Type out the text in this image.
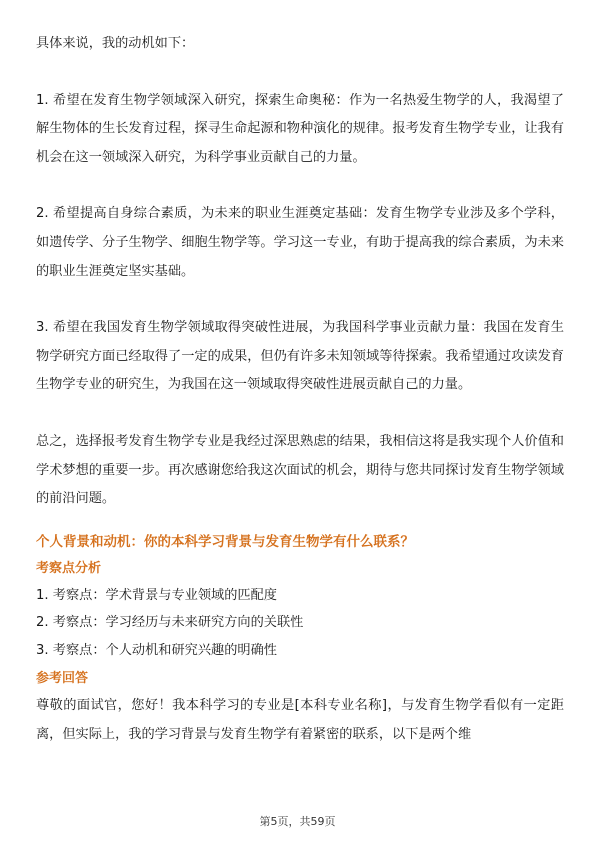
具体来说，我的动机如下：

1. 希望在发育生物学领域深入研究，探索生命奥秘：作为一名热爱生物学的人，我渴望了解生物体的生长发育过程，探寻生命起源和物种演化的规律。报考发育生物学专业，让我有机会在这一领域深入研究，为科学事业贡献自己的力量。

2. 希望提高自身综合素质，为未来的职业生涯奠定基础：发育生物学专业涉及多个学科，如遗传学、分子生物学、细胞生物学等。学习这一专业，有助于提高我的综合素质，为未来的职业生涯奠定坚实基础。

3. 希望在我国发育生物学领域取得突破性进展，为我国科学事业贡献力量：我国在发育生物学研究方面已经取得了一定的成果，但仍有许多未知领域等待探索。我希望通过攻读发育生物学专业的研究生，为我国在这一领域取得突破性进展贡献自己的力量。

总之，选择报考发育生物学专业是我经过深思熟虑的结果，我相信这将是我实现个人价值和学术梦想的重要一步。再次感谢您给我这次面试的机会，期待与您共同探讨发育生物学领域的前沿问题。

个人背景和动机：你的本科学习背景与发育生物学有什么联系？

考察点分析

1. 考察点：学术背景与专业领域的匹配度

2. 考察点：学习经历与未来研究方向的关联性

3. 考察点：个人动机和研究兴趣的明确性

参考回答

尊敬的面试官，您好！我本科学习的专业是[本科专业名称]，与发育生物学看似有一定距离，但实际上，我的学习背景与发育生物学有着紧密的联系，以下是两个维

第5页，共59页
